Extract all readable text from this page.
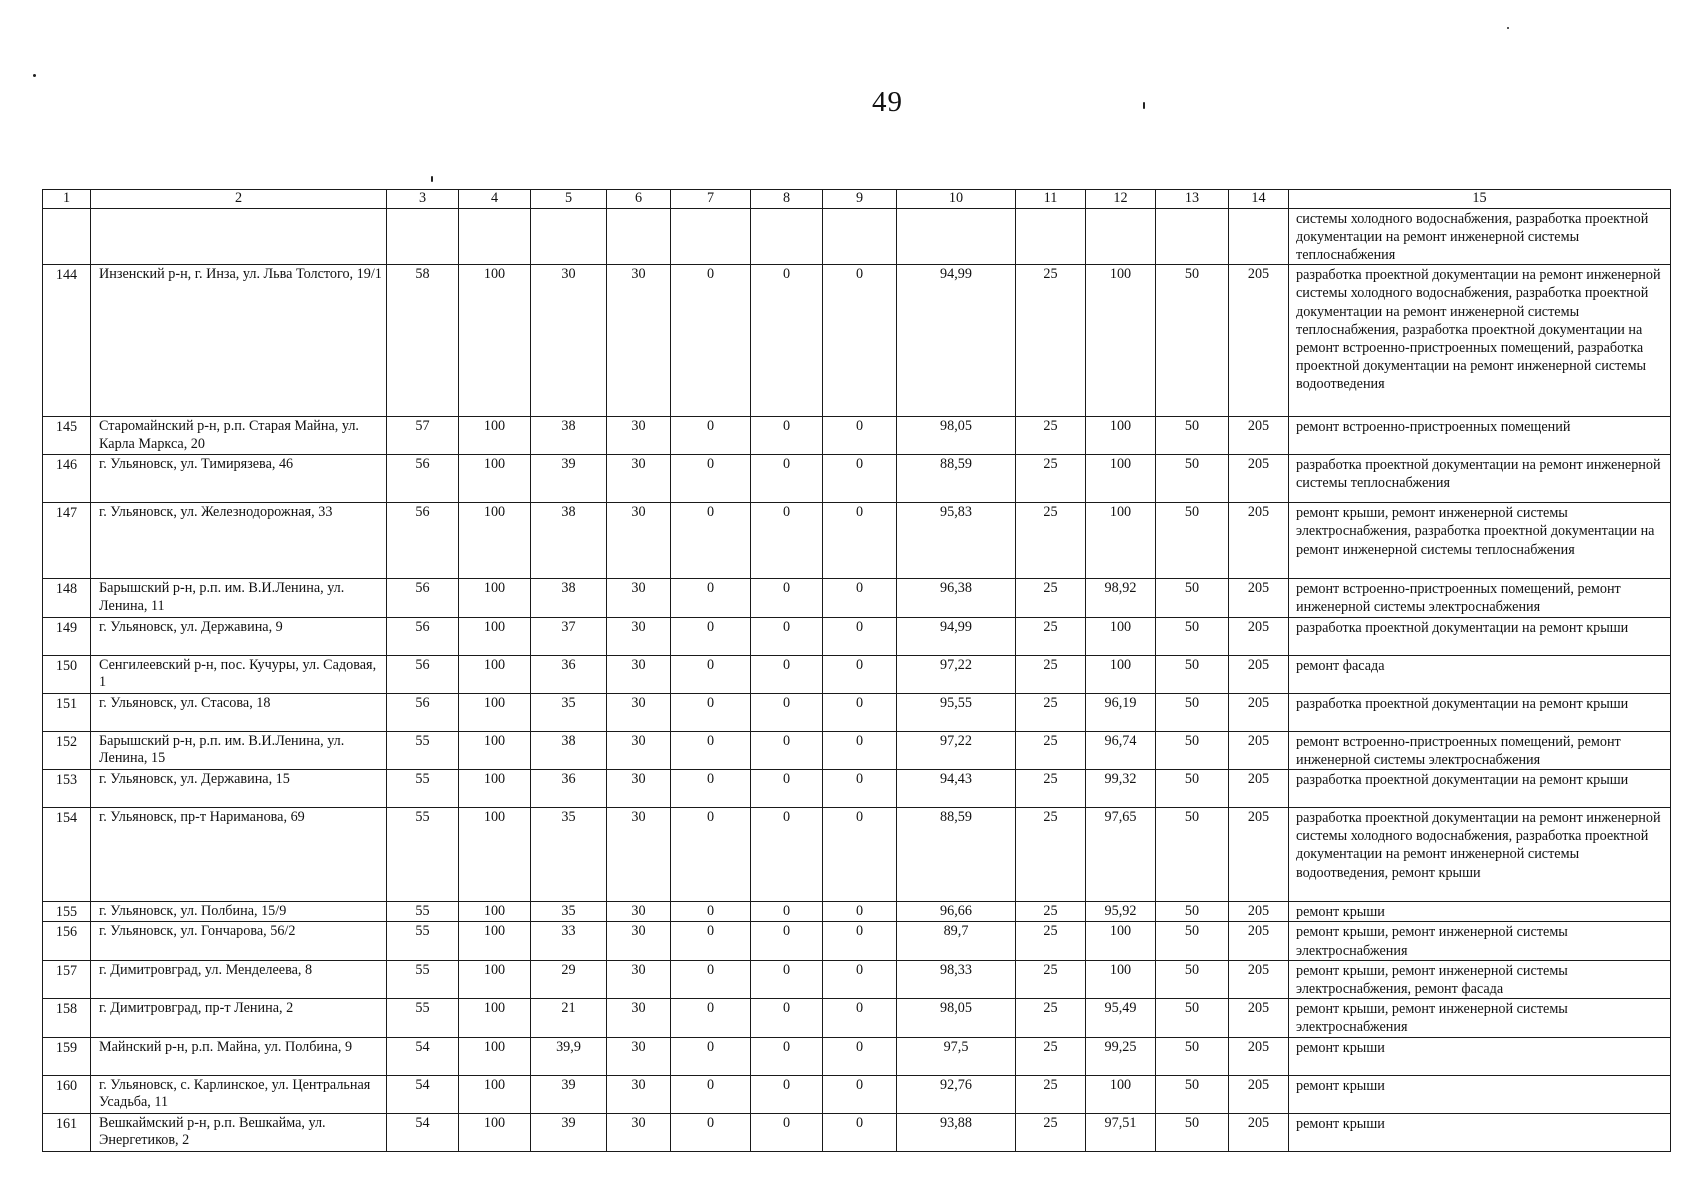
49
1	2	3	4	5	6	7	8	9	10	11	12	13	14	15
														системы холодного водоснабжения, разработка проектной документации на ремонт инженерной системы теплоснабжения
144	Инзенский р-н, г. Инза, ул. Льва Толстого, 19/1	58	100	30	30	0	0	0	94,99	25	100	50	205	разработка проектной документации на ремонт инженерной системы холодного водоснабжения, разработка проектной документации на ремонт инженерной системы теплоснабжения, разработка проектной документации на ремонт встроенно-пристроенных помещений, разработка проектной документации на ремонт инженерной системы водоотведения
145	Старомайнский р-н, р.п. Старая Майна, ул. Карла Маркса, 20	57	100	38	30	0	0	0	98,05	25	100	50	205	ремонт встроенно-пристроенных помещений
146	г. Ульяновск, ул. Тимирязева, 46	56	100	39	30	0	0	0	88,59	25	100	50	205	разработка проектной документации на ремонт инженерной системы теплоснабжения
147	г. Ульяновск, ул. Железнодорожная, 33	56	100	38	30	0	0	0	95,83	25	100	50	205	ремонт крыши, ремонт инженерной системы электроснабжения, разработка проектной документации на ремонт инженерной системы теплоснабжения
148	Барышский р-н, р.п. им. В.И.Ленина, ул. Ленина, 11	56	100	38	30	0	0	0	96,38	25	98,92	50	205	ремонт встроенно-пристроенных помещений, ремонт инженерной системы электроснабжения
149	г. Ульяновск, ул. Державина, 9	56	100	37	30	0	0	0	94,99	25	100	50	205	разработка проектной документации на ремонт крыши
150	Сенгилеевский р-н, пос. Кучуры, ул. Садовая, 1	56	100	36	30	0	0	0	97,22	25	100	50	205	ремонт фасада
151	г. Ульяновск, ул. Стасова, 18	56	100	35	30	0	0	0	95,55	25	96,19	50	205	разработка проектной документации на ремонт крыши
152	Барышский р-н, р.п. им. В.И.Ленина, ул. Ленина, 15	55	100	38	30	0	0	0	97,22	25	96,74	50	205	ремонт встроенно-пристроенных помещений, ремонт инженерной системы электроснабжения
153	г. Ульяновск, ул. Державина, 15	55	100	36	30	0	0	0	94,43	25	99,32	50	205	разработка проектной документации на ремонт крыши
154	г. Ульяновск, пр-т Нариманова, 69	55	100	35	30	0	0	0	88,59	25	97,65	50	205	разработка проектной документации на ремонт инженерной системы холодного водоснабжения, разработка проектной документации на ремонт инженерной системы водоотведения, ремонт крыши
155	г. Ульяновск, ул. Полбина, 15/9	55	100	35	30	0	0	0	96,66	25	95,92	50	205	ремонт крыши
156	г. Ульяновск, ул. Гончарова, 56/2	55	100	33	30	0	0	0	89,7	25	100	50	205	ремонт крыши, ремонт инженерной системы электроснабжения
157	г. Димитровград, ул. Менделеева, 8	55	100	29	30	0	0	0	98,33	25	100	50	205	ремонт крыши, ремонт инженерной системы электроснабжения, ремонт фасада
158	г. Димитровград, пр-т Ленина, 2	55	100	21	30	0	0	0	98,05	25	95,49	50	205	ремонт крыши, ремонт инженерной системы электроснабжения
159	Майнский р-н, р.п. Майна, ул. Полбина, 9	54	100	39,9	30	0	0	0	97,5	25	99,25	50	205	ремонт крыши
160	г. Ульяновск, с. Карлинское, ул. Центральная Усадьба, 11	54	100	39	30	0	0	0	92,76	25	100	50	205	ремонт крыши
161	Вешкаймский р-н, р.п. Вешкайма, ул. Энергетиков, 2	54	100	39	30	0	0	0	93,88	25	97,51	50	205	ремонт крыши
